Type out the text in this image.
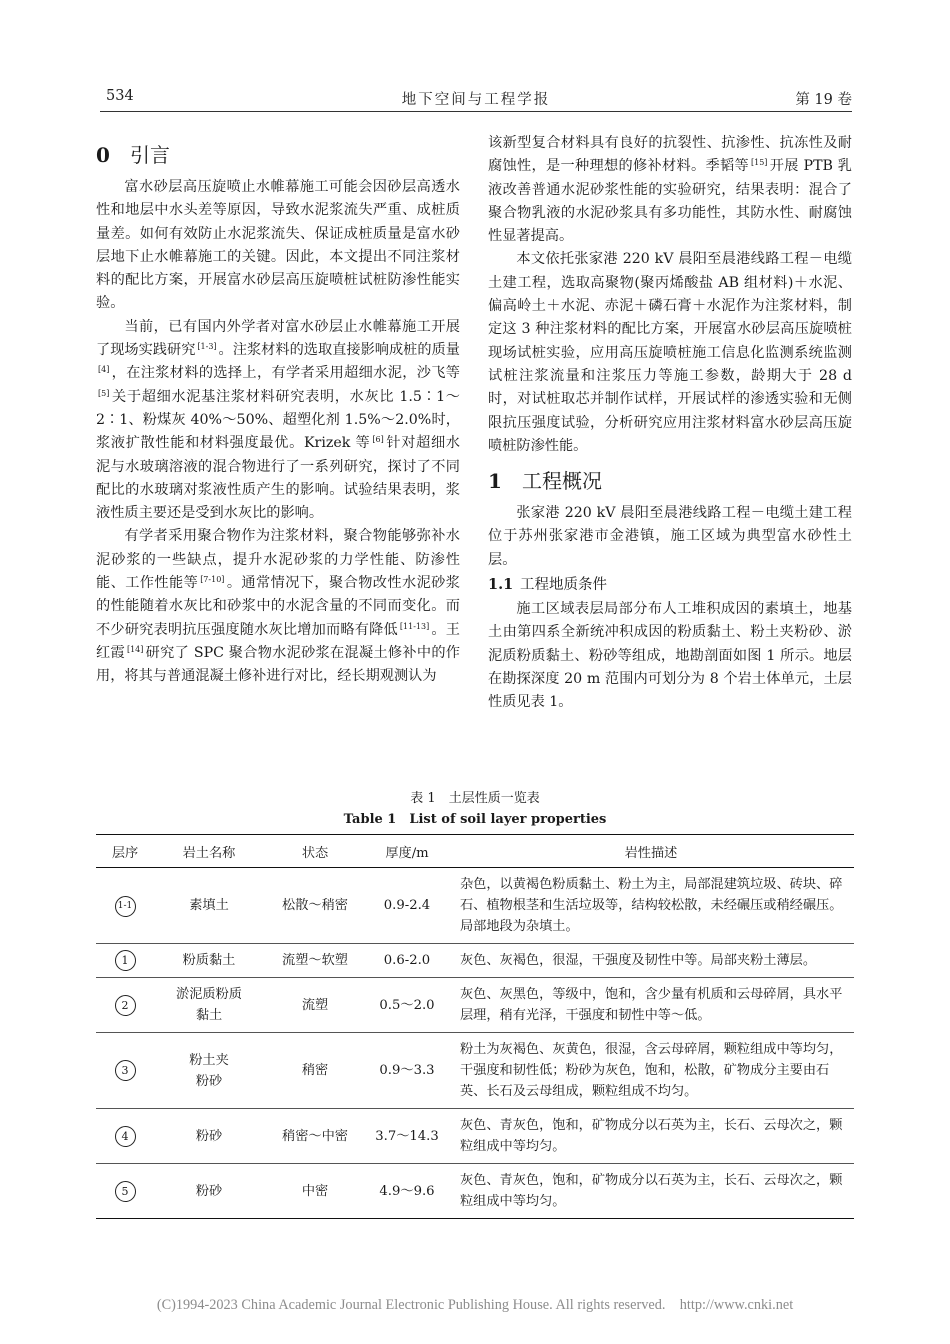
534	地下空间与工程学报	第 19 卷
0 引言

富水砂层高压旋喷止水帷幕施工可能会因砂层高透水性和地层中水头差等原因，导致水泥浆流失严重、成桩质量差。如何有效防止水泥浆流失、保证成桩质量是富水砂层地下止水帷幕施工的关键。因此，本文提出不同注浆材料的配比方案，开展富水砂层高压旋喷桩试桩防渗性能实验。

当前，已有国内外学者对富水砂层止水帷幕施工开展了现场实践研究 [1-3] 。注浆材料的选取直接影响成桩的质量[4] ，在注浆材料的选择上，有学者采用超细水泥，沙飞等[5] 关于超细水泥基注浆材料研究表明，水灰比 1.5∶1～2∶1、粉煤灰 40%～50%、超塑化剂 1.5%～2.0%时，浆液扩散性能和材料强度最优。Krizek 等 [6] 针对超细水泥与水玻璃溶液的混合物进行了一系列研究，探讨了不同配比的水玻璃对浆液性质产生的影响。试验结果表明，浆液性质主要还是受到水灰比的影响。

有学者采用聚合物作为注浆材料，聚合物能够弥补水泥砂浆的一些缺点，提升水泥砂浆的力学性能、防渗性能、工作性能等 [7-10] 。通常情况下，聚合物改性水泥砂浆的性能随着水灰比和砂浆中的水泥含量的不同而变化。而不少研究表明抗压强度随水灰比增加而略有降低 [11-13] 。王红霞 [14] 研究了 SPC 聚合物水泥砂浆在混凝土修补中的作用，将其与普通混凝土修补进行对比，经长期观测认为

该新型复合材料具有良好的抗裂性、抗渗性、抗冻性及耐腐蚀性，是一种理想的修补材料。季韬等 [15] 开展 PTB 乳液改善普通水泥砂浆性能的实验研究，结果表明：混合了聚合物乳液的水泥砂浆具有多功能性，其防水性、耐腐蚀性显著提高。

本文依托张家港 220 kV 晨阳至晨港线路工程－电缆土建工程，选取高聚物(聚丙烯酸盐 AB 组材料)＋水泥、偏高岭土＋水泥、赤泥＋磷石膏＋水泥作为注浆材料，制定这 3 种注浆材料的配比方案，开展富水砂层高压旋喷桩现场试桩实验，应用高压旋喷桩施工信息化监测系统监测试桩注浆流量和注浆压力等施工参数，龄期大于 28 d 时，对试桩取芯并制作试样，开展试样的渗透实验和无侧限抗压强度试验，分析研究应用注浆材料富水砂层高压旋喷桩防渗性能。

1 工程概况

张家港 220 kV 晨阳至晨港线路工程－电缆土建工程位于苏州张家港市金港镇，施工区域为典型富水砂性土层。

1.1 工程地质条件

施工区域表层局部分布人工堆积成因的素填土，地基土由第四系全新统冲积成因的粉质黏土、粉土夹粉砂、淤泥质粉质黏土、粉砂等组成，地勘剖面如图 1 所示。地层在勘探深度 20 m 范围内可划分为 8 个岩土体单元，土层性质见表 1。

表 1　土层性质一览表
Table 1　List of soil layer properties
层序	岩土名称	状态	厚度/m	岩性描述
1-1	素填土	松散～稍密	0.9-2.4	杂色，以黄褐色粉质黏土、粉土为主，局部混建筑垃圾、砖块、碎石、植物根茎和生活垃圾等，结构较松散，未经碾压或稍经碾压。局部地段为杂填土。
1	粉质黏土	流塑～软塑	0.6-2.0	灰色、灰褐色，很湿，干强度及韧性中等。局部夹粉土薄层。
2	淤泥质粉质黏土	流塑	0.5～2.0	灰色、灰黑色，等级中，饱和，含少量有机质和云母碎屑，具水平层理，稍有光泽，干强度和韧性中等～低。
3	粉土夹粉砂	稍密	0.9～3.3	粉土为灰褐色、灰黄色，很湿，含云母碎屑，颗粒组成中等均匀，干强度和韧性低；粉砂为灰色，饱和，松散，矿物成分主要由石英、长石及云母组成，颗粒组成不均匀。
4	粉砂	稍密～中密	3.7～14.3	灰色、青灰色，饱和，矿物成分以石英为主，长石、云母次之，颗粒组成中等均匀。
5	粉砂	中密	4.9～9.6	灰色、青灰色，饱和，矿物成分以石英为主，长石、云母次之，颗粒组成中等均匀。
(C)1994-2023 China Academic Journal Electronic Publishing House. All rights reserved.    http://www.cnki.net
